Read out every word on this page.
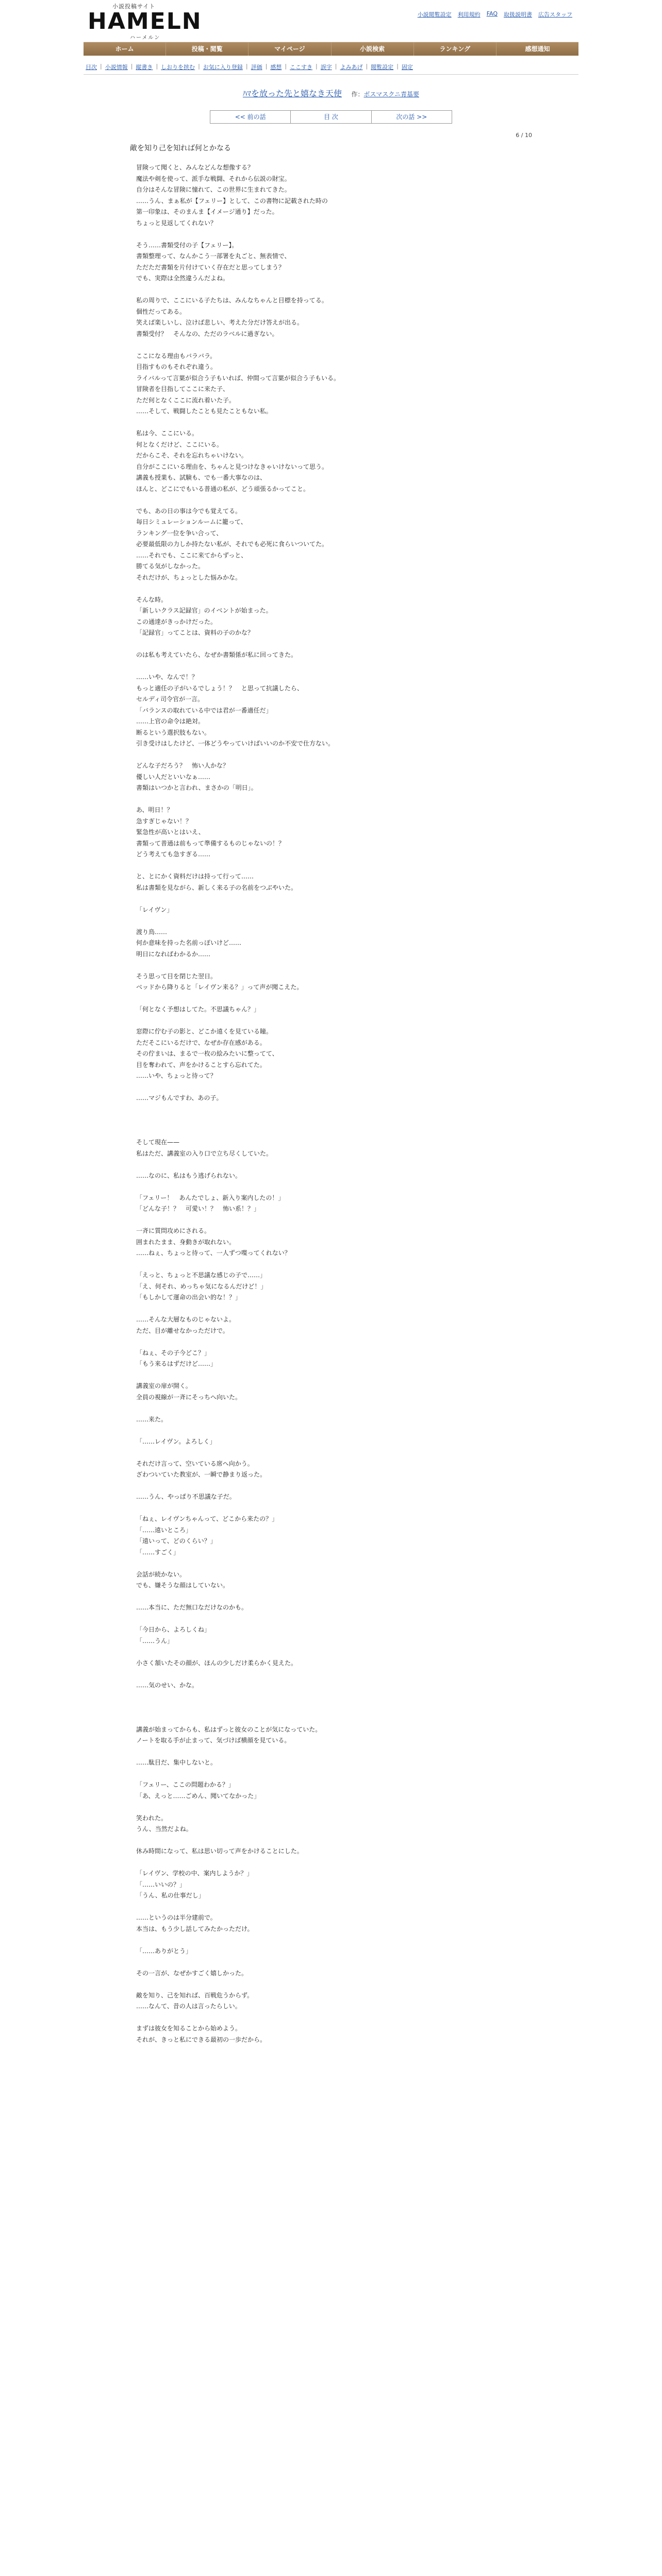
小説投稿サイト
HAMELN
ハーメルン
小説閲覧設定 利用規約 FAQ 取扱説明書 広告スタッフ
ホーム	投稿・閲覧	マイページ	小説検索	ランキング	感想通知
目次 | 小説情報 | 縦書き | しおりを挟む | お気に入り登録 | 評価 | 感想 | ここすき | 誤字 | よみあげ | 閲覧設定 | 固定
ﾊﾏを放った先と嬉なき天使 作：ボスマスクニ青基要
<< 前の話	目 次	次の話 >>
6 / 10
敵を知り己を知れば何とかなる

冒険って聞くと、みんなどんな想像する？

魔法や剣を使って、派手な戦闘、それから伝説の財宝。

自分はそんな冒険に憧れて、この世界に生まれてきた。

……うん、まぁ私が【フェリー】として、この書物に記載された時の

第一印象は、そのまんま【イメージ通り】だった。

ちょっと見返してくれない？

そう……書類受付の子【フェリー】。

書類整理って、なんかこう一部署を丸ごと、無表情で、

ただただ書類を片付けていく存在だと思ってしまう？

でも、実際は全然違うんだよね。

私の周りで、ここにいる子たちは、みんなちゃんと目標を持ってる。

個性だってある。

笑えば楽しいし、泣けば悲しい、考えた分だけ答えが出る。

書類受付？　そんなの、ただのラベルに過ぎない。

ここになる理由もバラバラ。

目指すものもそれぞれ違う。

ライバルって言葉が似合う子もいれば、仲間って言葉が似合う子もいる。

冒険者を目指してここに来た子、

ただ何となくここに流れ着いた子。

……そして、戦闘したことも見たこともない私。

私は今、ここにいる。

何となくだけど、ここにいる。

だからこそ、それを忘れちゃいけない。

自分がここにいる理由を、ちゃんと見つけなきゃいけないって思う。

講義も授業も、試験も、でも一番大事なのは、

ほんと、どこにでもいる普通の私が、どう頑張るかってこと。

でも、あの日の事は今でも覚えてる。

毎日シミュレーションルームに籠って、

ランキング一位を争い合って、

必要最低限の力しか持たない私が、それでも必死に食らいついてた。

……それでも、ここに来てからずっと、

勝てる気がしなかった。

それだけが、ちょっとした悩みかな。

そんな時。

「新しいクラス記録官」のイベントが始まった。

この通達がきっかけだった。

「記録官」ってことは、資料の子のかな？

のは私も考えていたら、なぜか書類係が私に回ってきた。

……いや、なんで！？

もっと適任の子がいるでしょう！？　と思って抗議したら、

セルディ司令官が一言。

「バランスの取れている中では君が一番適任だ」

……上官の命令は絶対。

断るという選択肢もない。

引き受けはしたけど、一体どうやっていけばいいのか不安で仕方ない。

どんな子だろう？　怖い人かな？

優しい人だといいなぁ……

書類はいつかと言われ、まさかの「明日」。

あ、明日！？

急すぎじゃない！？

緊急性が高いとはいえ、

書類って普通は前もって準備するものじゃないの！？

どう考えても急すぎる……

と、とにかく資料だけは持って行って……

私は書類を見ながら、新しく来る子の名前をつぶやいた。

「レイヴン」

渡り鳥……

何か意味を持った名前っぽいけど……

明日になればわかるか……

そう思って目を閉じた翌日。

ベッドから降りると「レイヴン来る？」って声が聞こえた。

「何となく予想はしてた。不思議ちゃん？」

窓際に佇む子の影と、どこか遠くを見ている瞳。

ただそこにいるだけで、なぜか存在感がある。

その佇まいは、まるで一枚の絵みたいに整ってて、

目を奪われて、声をかけることすら忘れてた。

……いや、ちょっと待って？

……マジもんですわ、あの子。

そして現在——

私はただ、講義室の入り口で立ち尽くしていた。

……なのに、私はもう逃げられない。

「フェリー！　あんたでしょ、新入り案内したの！」

「どんな子！？　可愛い！？　怖い系！？」

一斉に質問攻めにされる。

囲まれたまま、身動きが取れない。

……ねぇ、ちょっと待って、一人ずつ喋ってくれない？

「えっと、ちょっと不思議な感じの子で……」

「え、何それ、めっちゃ気になるんだけど！」

「もしかして運命の出会い的な！？」

……そんな大層なものじゃないよ。

ただ、目が離せなかっただけで。

「ねぇ、その子今どこ？」

「もう来るはずだけど……」

講義室の扉が開く。

全員の視線が一斉にそっちへ向いた。

……来た。

「……レイヴン。よろしく」

それだけ言って、空いている席へ向かう。

ざわついていた教室が、一瞬で静まり返った。

……うん、やっぱり不思議な子だ。

「ねぇ、レイヴンちゃんって、どこから来たの？」

「……遠いところ」

「遠いって、どのくらい？」

「……すごく」

会話が続かない。

でも、嫌そうな顔はしていない。

……本当に、ただ無口なだけなのかも。

「今日から、よろしくね」

「……うん」

小さく頷いたその顔が、ほんの少しだけ柔らかく見えた。

……気のせい、かな。

講義が始まってからも、私はずっと彼女のことが気になっていた。

ノートを取る手が止まって、気づけば横顔を見ている。

……駄目だ、集中しないと。

「フェリー、ここの問題わかる？」

「あ、えっと……ごめん、聞いてなかった」

笑われた。

うん、当然だよね。

休み時間になって、私は思い切って声をかけることにした。

「レイヴン、学校の中、案内しようか？」

「……いいの？」

「うん、私の仕事だし」

……というのは半分建前で。

本当は、もう少し話してみたかっただけ。

「……ありがとう」

その一言が、なぜかすごく嬉しかった。

敵を知り、己を知れば、百戦危うからず。

……なんて、昔の人は言ったらしい。

まずは彼女を知ることから始めよう。

それが、きっと私にできる最初の一歩だから。
